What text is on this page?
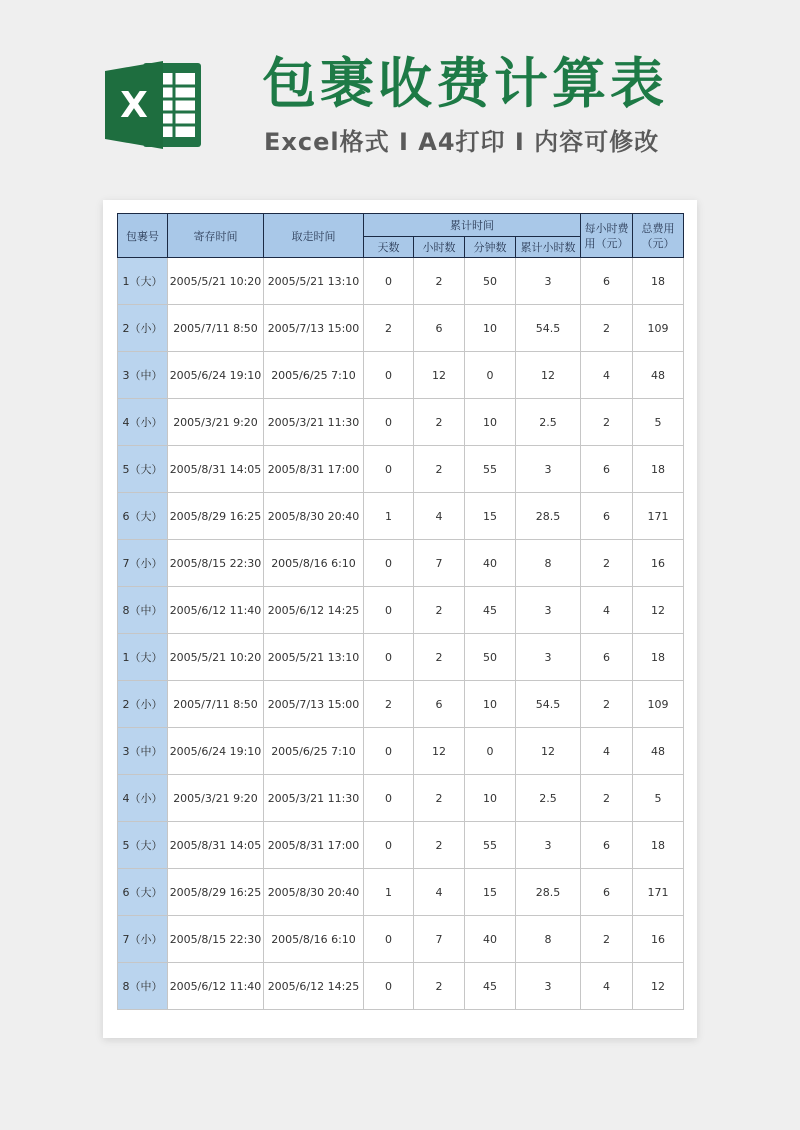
X 包裹收费计算表
Excel格式 I A4打印 I 内容可修改
包裹号	寄存时间	取走时间	累计时间				每小时费用（元）	总费用（元）
			天数	小时数	分钟数	累计小时数		
1（大）	2005/5/21 10:20	2005/5/21 13:10	0	2	50	3	6	18
2（小）	2005/7/11 8:50	2005/7/13 15:00	2	6	10	54.5	2	109
3（中）	2005/6/24 19:10	2005/6/25 7:10	0	12	0	12	4	48
4（小）	2005/3/21 9:20	2005/3/21 11:30	0	2	10	2.5	2	5
5（大）	2005/8/31 14:05	2005/8/31 17:00	0	2	55	3	6	18
6（大）	2005/8/29 16:25	2005/8/30 20:40	1	4	15	28.5	6	171
7（小）	2005/8/15 22:30	2005/8/16 6:10	0	7	40	8	2	16
8（中）	2005/6/12 11:40	2005/6/12 14:25	0	2	45	3	4	12
1（大）	2005/5/21 10:20	2005/5/21 13:10	0	2	50	3	6	18
2（小）	2005/7/11 8:50	2005/7/13 15:00	2	6	10	54.5	2	109
3（中）	2005/6/24 19:10	2005/6/25 7:10	0	12	0	12	4	48
4（小）	2005/3/21 9:20	2005/3/21 11:30	0	2	10	2.5	2	5
5（大）	2005/8/31 14:05	2005/8/31 17:00	0	2	55	3	6	18
6（大）	2005/8/29 16:25	2005/8/30 20:40	1	4	15	28.5	6	171
7（小）	2005/8/15 22:30	2005/8/16 6:10	0	7	40	8	2	16
8（中）	2005/6/12 11:40	2005/6/12 14:25	0	2	45	3	4	12
